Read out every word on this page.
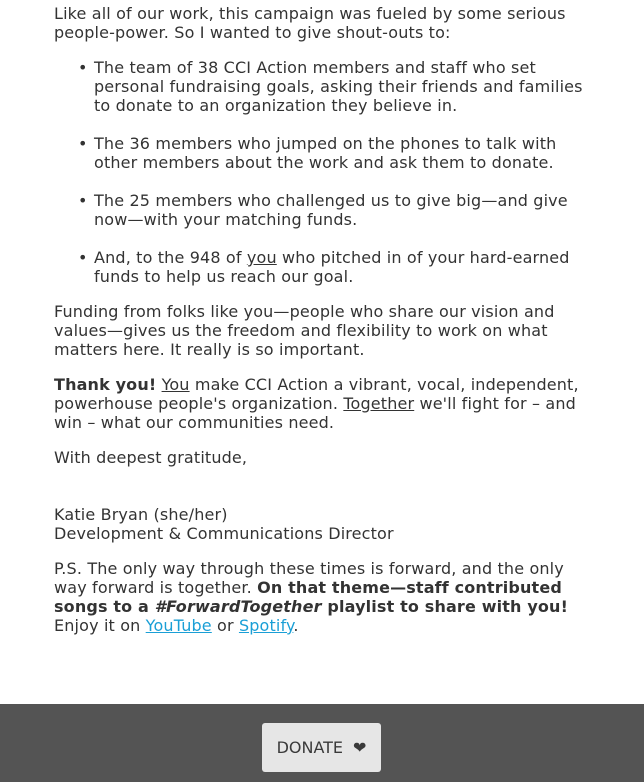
Like all of our work, this campaign was fueled by some serious people-power. So I wanted to give shout-outs to:

• The team of 38 CCI Action members and staff who set personal fundraising goals, asking their friends and families to donate to an organization they believe in.
• The 36 members who jumped on the phones to talk with other members about the work and ask them to donate.
• The 25 members who challenged us to give big—and give now—with your matching funds.
• And, to the 948 of you who pitched in of your hard-earned funds to help us reach our goal.

Funding from folks like you—people who share our vision and values—gives us the freedom and flexibility to work on what matters here. It really is so important.

Thank you! You make CCI Action a vibrant, vocal, independent, powerhouse people's organization. Together we'll fight for – and win – what our communities need.

With deepest gratitude,

Katie Bryan (she/her)

Development & Communications Director

P.S. The only way through these times is forward, and the only way forward is together. On that theme—staff contributed songs to a #ForwardTogether playlist to share with you! Enjoy it on YouTube or Spotify.

DONATE ❤
